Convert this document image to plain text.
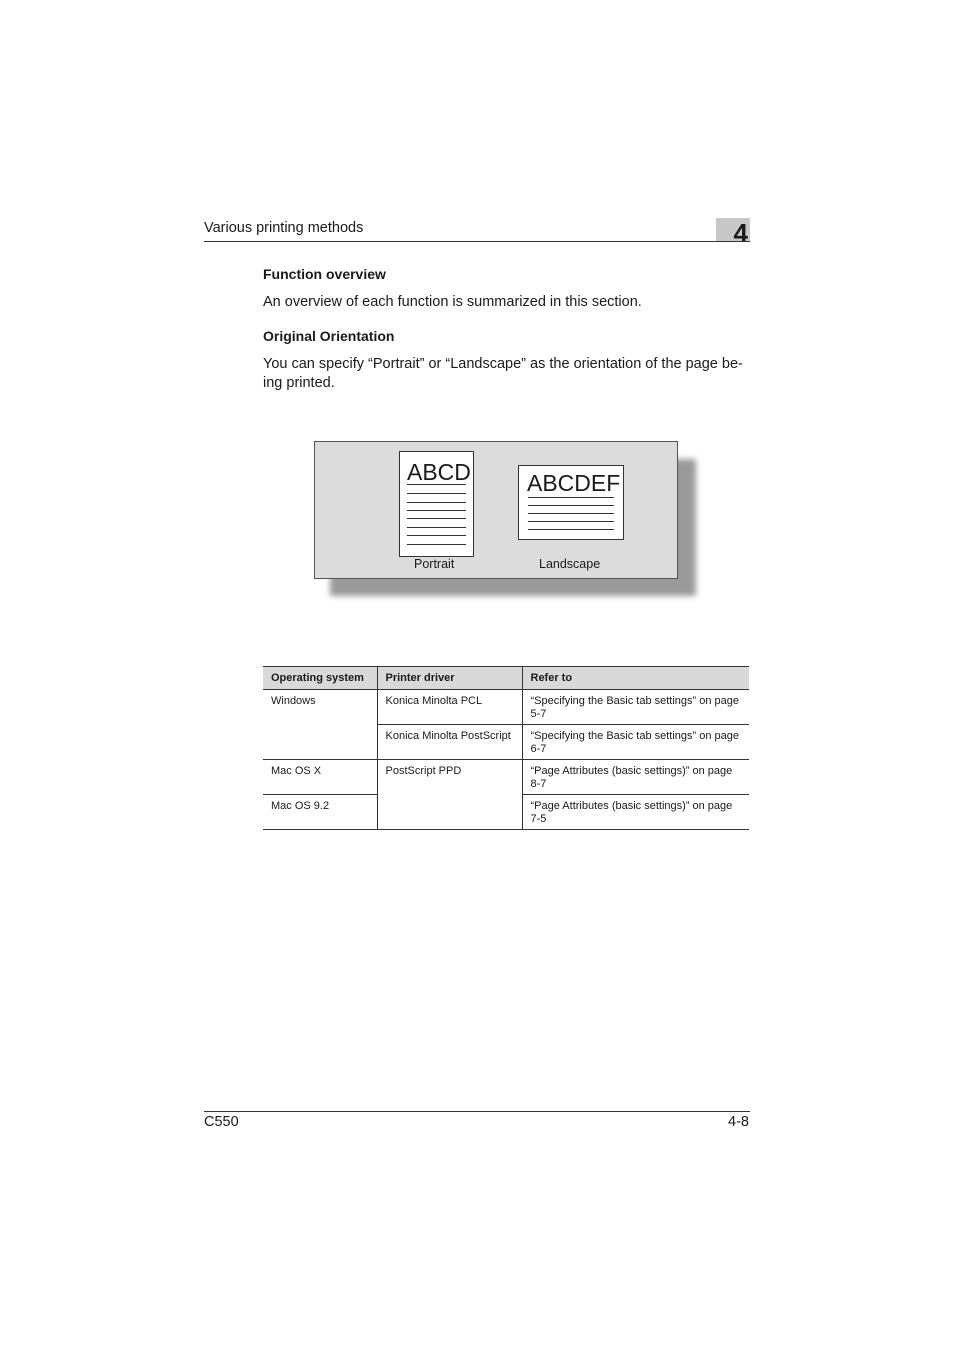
Various printing methods	4
Function overview

An overview of each function is summarized in this section.

Original Orientation

You can specify “Portrait” or “Landscape” as the orientation of the page be-
ing printed.

ABCD ABCDEF
Portrait	Landscape
Operating system	Printer driver	Refer to
Windows	Konica Minolta PCL	“Specifying the Basic tab settings” on page 5-7
	Konica Minolta PostScript	“Specifying the Basic tab settings” on page 6-7
Mac OS X	PostScript PPD	“Page Attributes (basic settings)” on page 8-7
Mac OS 9.2		“Page Attributes (basic settings)” on page 7-5
C550	4-8
